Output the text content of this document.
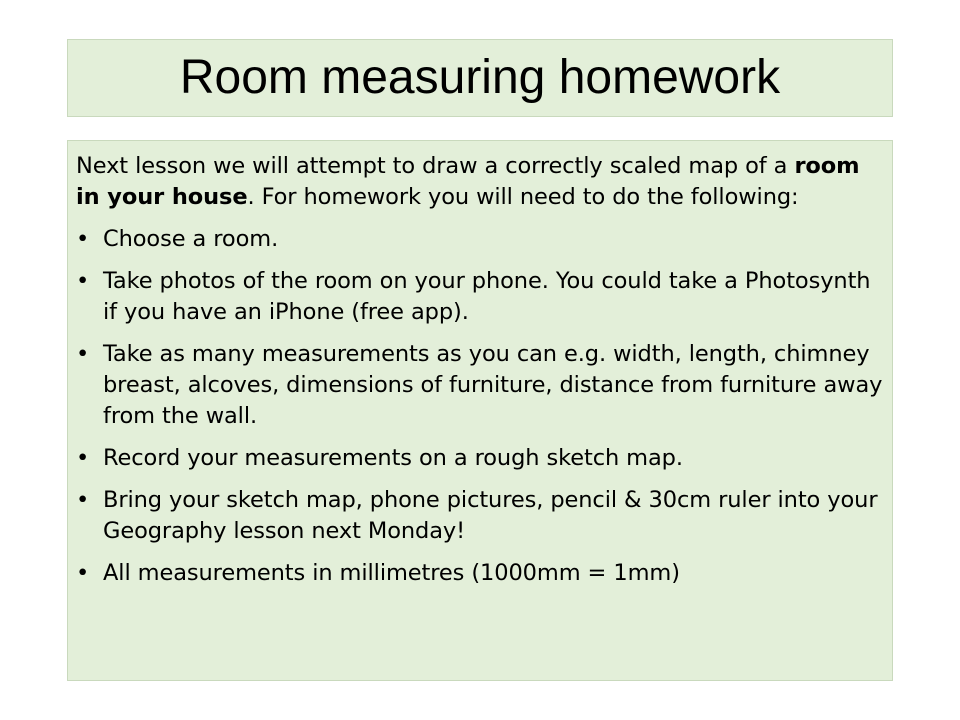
Room measuring homework

Next lesson we will attempt to draw a correctly scaled map of a room in your house. For homework you will need to do the following:

• Choose a room.
• Take photos of the room on your phone. You could take a Photosynth if you have an iPhone (free app).
• Take as many measurements as you can e.g. width, length, chimney breast, alcoves, dimensions of furniture, distance from furniture away from the wall.
• Record your measurements on a rough sketch map.
• Bring your sketch map, phone pictures, pencil & 30cm ruler into your Geography lesson next Monday!
• All measurements in millimetres (1000mm = 1mm)
